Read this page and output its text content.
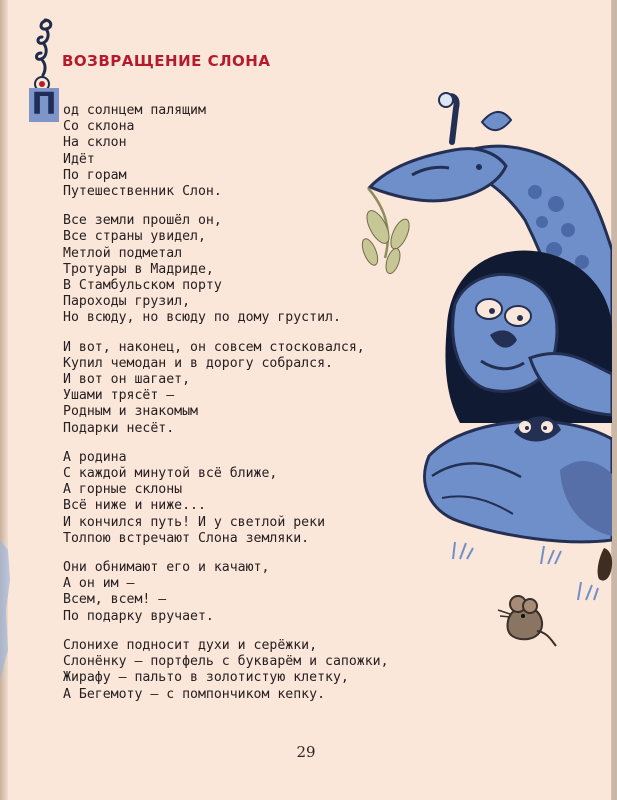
ВОЗВРАЩЕНИЕ СЛОНА
П од солнцем палящим
Со склона
На склон
Идёт
По горам
Путешественник Слон.
Все земли прошёл он,
Все страны увидел,
Метлой подметал
Тротуары в Мадриде,
В Стамбульском порту
Пароходы грузил,
Но всюду, но всюду по дому грустил.
И вот, наконец, он совсем стосковался,
Купил чемодан и в дорогу собрался.
И вот он шагает,
Ушами трясёт —
Родным и знакомым
Подарки несёт.
А родина
С каждой минутой всё ближе,
А горные склоны
Всё ниже и ниже...
И кончился путь! И у светлой реки
Толпою встречают Слона земляки.
Они обнимают его и качают,
А он им —
Всем, всем! —
По подарку вручает.
Слонихе подносит духи и серёжки,
Слонёнку — портфель с букварём и сапожки,
Жирафу — пальто в золотистую клетку,
А Бегемоту — с помпончиком кепку.
29
